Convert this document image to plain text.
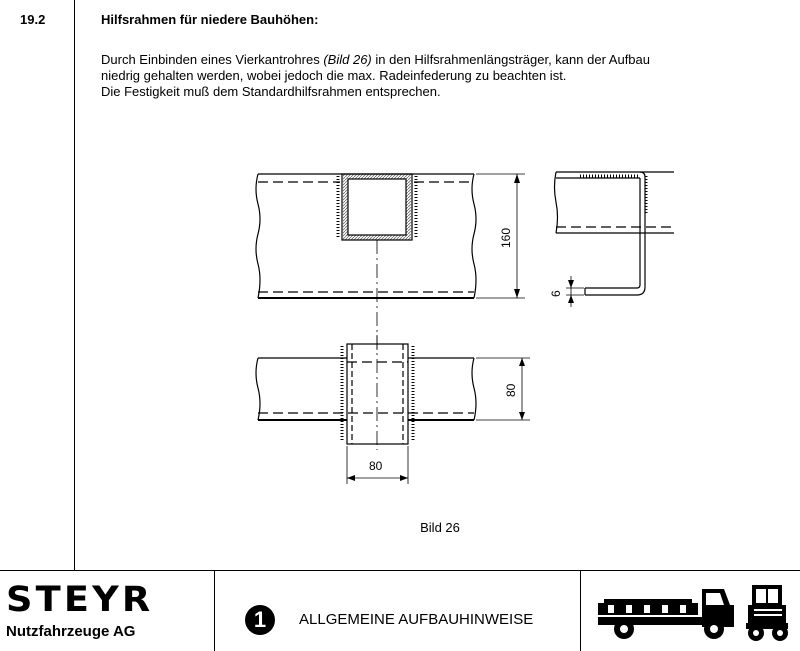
19.2	Hilfsrahmen für niedere Bauhöhen:
Durch Einbinden eines Vierkantrohres (Bild 26) in den Hilfsrahmenlängsträger, kann der Aufbau
niedrig gehalten werden, wobei jedoch die max. Radeinfederung zu beachten ist.
Die Festigkeit muß dem Standardhilfsrahmen entsprechen.
160
6
80
80
Bild 26
STEYR
Nutzfahrzeuge AG	1	ALLGEMEINE AUFBAUHINWEISE
